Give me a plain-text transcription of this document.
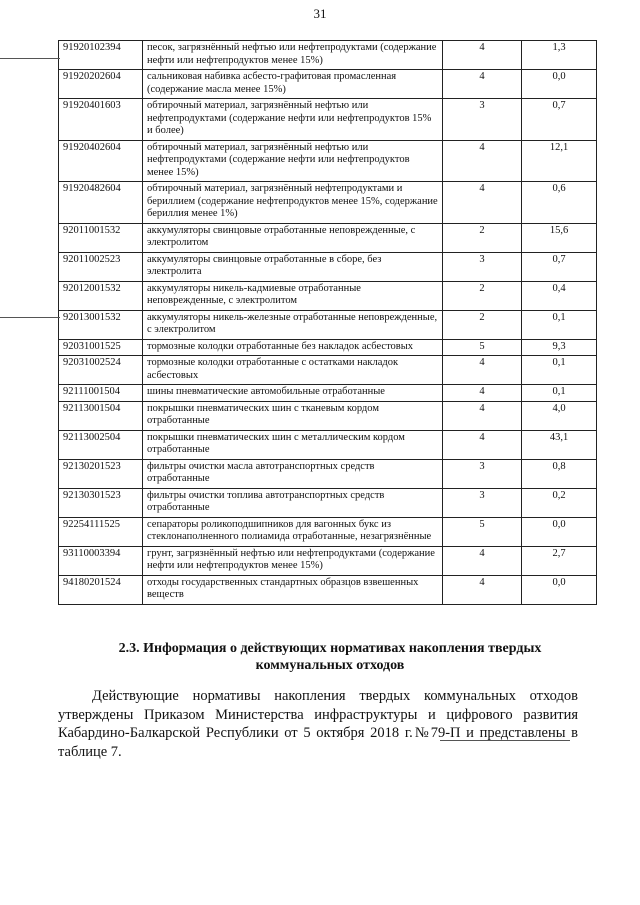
31
91920102394	песок, загрязнённый нефтью или нефтепродуктами (содержание нефти или нефтепродуктов менее 15%)	4	1,3
91920202604	сальниковая набивка асбесто-графитовая промасленная (содержание масла менее 15%)	4	0,0
91920401603	обтирочный материал, загрязнённый нефтью или нефтепродуктами (содержание нефти или нефтепродуктов 15% и более)	3	0,7
91920402604	обтирочный материал, загрязнённый нефтью или нефтепродуктами (содержание нефти или нефтепродуктов менее 15%)	4	12,1
91920482604	обтирочный материал, загрязнённый нефтепродуктами и бериллием (содержание нефтепродуктов менее 15%, содержание бериллия менее 1%)	4	0,6
92011001532	аккумуляторы свинцовые отработанные неповрежденные, с электролитом	2	15,6
92011002523	аккумуляторы свинцовые отработанные в сборе, без электролита	3	0,7
92012001532	аккумуляторы никель-кадмиевые отработанные неповрежденные, с электролитом	2	0,4
92013001532	аккумуляторы никель-железные отработанные неповрежденные, с электролитом	2	0,1
92031001525	тормозные колодки отработанные без накладок асбестовых	5	9,3
92031002524	тормозные колодки отработанные с остатками накладок асбестовых	4	0,1
92111001504	шины пневматические автомобильные отработанные	4	0,1
92113001504	покрышки пневматических шин с тканевым кордом отработанные	4	4,0
92113002504	покрышки пневматических шин с металлическим кордом отработанные	4	43,1
92130201523	фильтры очистки масла автотранспортных средств отработанные	3	0,8
92130301523	фильтры очистки топлива автотранспортных средств отработанные	3	0,2
92254111525	сепараторы роликоподшипников для вагонных букс из стеклонаполненного полиамида отработанные, незагрязнённые	5	0,0
93110003394	грунт, загрязнённый нефтью или нефтепродуктами (содержание нефти или нефтепродуктов менее 15%)	4	2,7
94180201524	отходы государственных стандартных образцов взвешенных веществ	4	0,0
2.3. Информация о действующих нормативах накопления твердых коммунальных отходов
Действующие нормативы накопления твердых коммунальных отходов утверждены Приказом Министерства инфраструктуры и цифрового развития Кабардино-Балкарской Республики от 5 октября 2018 г.№79-П и представлены в таблице 7.
